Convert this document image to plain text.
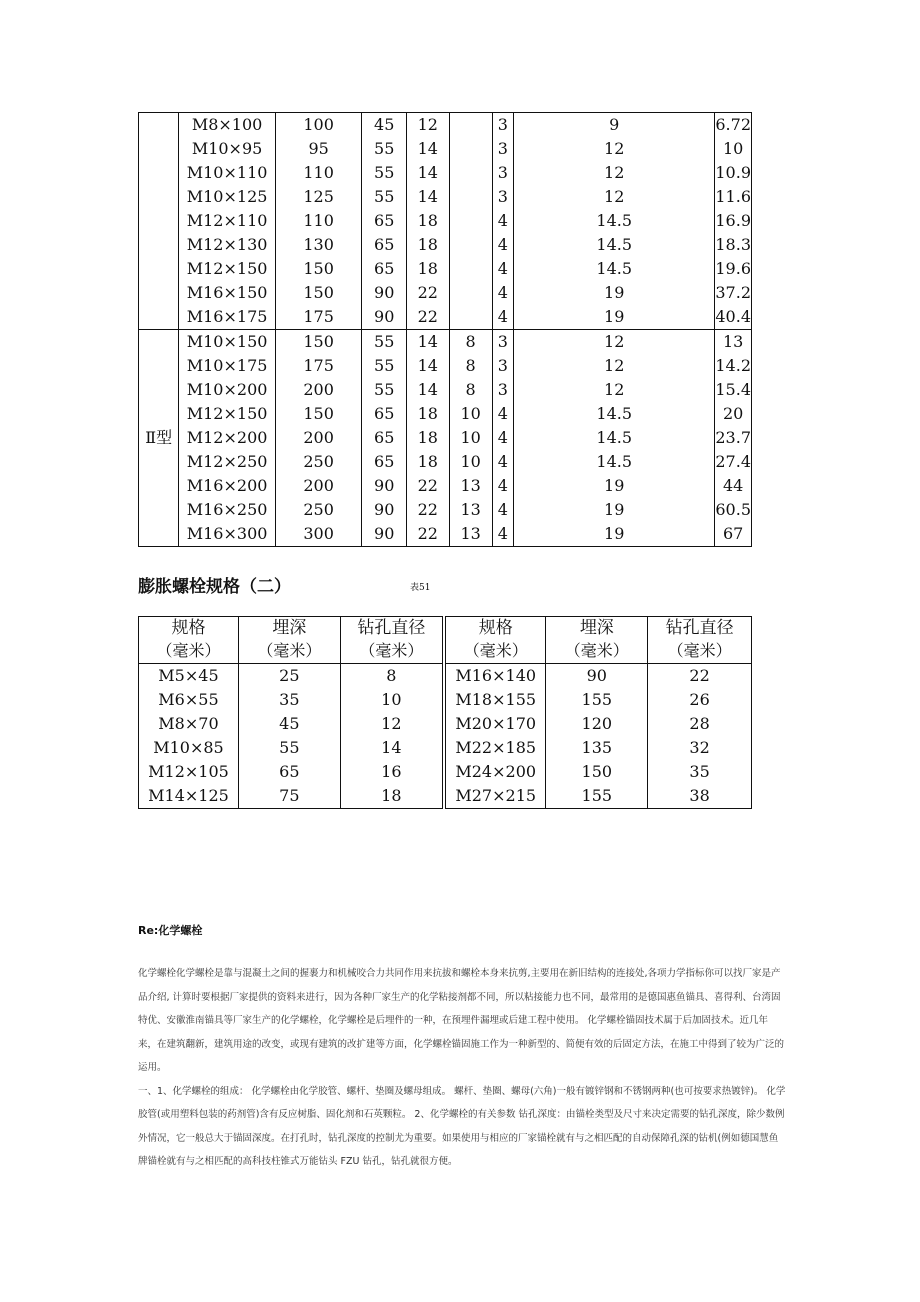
	M8×100	100	45	12		3	9	6.72
	M10×95	95	55	14		3	12	10
	M10×110	110	55	14		3	12	10.9
	M10×125	125	55	14		3	12	11.6
	M12×110	110	65	18		4	14.5	16.9
	M12×130	130	65	18		4	14.5	18.3
	M12×150	150	65	18		4	14.5	19.6
	M16×150	150	90	22		4	19	37.2
	M16×175	175	90	22		4	19	40.4
Ⅱ型	M10×150	150	55	14	8	3	12	13
	M10×175	175	55	14	8	3	12	14.2
	M10×200	200	55	14	8	3	12	15.4
	M12×150	150	65	18	10	4	14.5	20
	M12×200	200	65	18	10	4	14.5	23.7
	M12×250	250	65	18	10	4	14.5	27.4
	M16×200	200	90	22	13	4	19	44
	M16×250	250	90	22	13	4	19	60.5
	M16×300	300	90	22	13	4	19	67
膨胀螺栓规格（二）	表51
规格	埋深	钻孔直径	规格	埋深	钻孔直径
（毫米）	（毫米）	（毫米）	（毫米）	（毫米）	（毫米）
M5×45	25	8	M16×140	90	22
M6×55	35	10	M18×155	155	26
M8×70	45	12	M20×170	120	28
M10×85	55	14	M22×185	135	32
M12×105	65	16	M24×200	150	35
M14×125	75	18	M27×215	155	38
Re:化学螺栓

化学螺栓化学螺栓是靠与混凝土之间的握裹力和机械咬合力共同作用来抗拔和螺栓本身来抗剪,主要用在新旧结构的连接处,各项力学指标你可以找厂家是产品介绍, 计算时要根据厂家提供的资料来进行，因为各种厂家生产的化学粘接剂都不同，所以粘接能力也不同，最常用的是德国惠鱼锚具、喜得利、台湾固特优、安徽淮南锚具等厂家生产的化学螺栓，化学螺栓是后埋件的一种，在预埋件漏埋或后建工程中使用。 化学螺栓锚固技术属于后加固技术。近几年来，在建筑翻新，建筑用途的改变，或现有建筑的改扩建等方面，化学螺栓锚固施工作为一种新型的、简便有效的后固定方法，在施工中得到了较为广泛的运用。

一、1、化学螺栓的组成： 化学螺栓由化学胶管、螺杆、垫圈及螺母组成。 螺杆、垫圈、螺母(六角)一般有镀锌钢和不锈钢两种(也可按要求热镀锌)。 化学胶管(或用塑料包装的药剂管)含有反应树脂、固化剂和石英颗粒。 2、化学螺栓的有关参数 钻孔深度：由锚栓类型及尺寸来决定需要的钻孔深度，除少数例外情况，它一般总大于锚固深度。在打孔时，钻孔深度的控制尤为重要。如果使用与相应的厂家锚栓就有与之相匹配的自动保障孔深的钻机(例如德国慧鱼牌锚栓就有与之相匹配的高科技柱锥式万能钻头 FZU 钻孔，钻孔就很方便。
